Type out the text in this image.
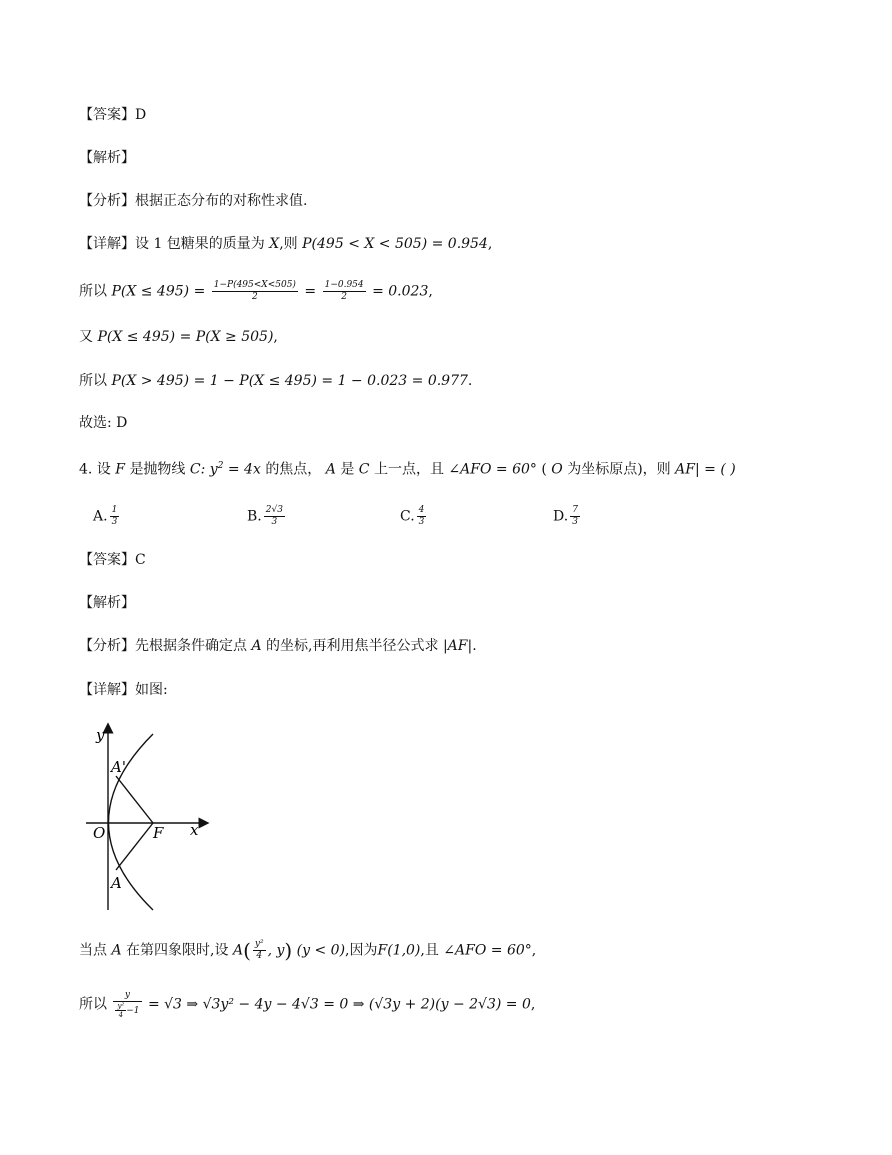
【答案】D
【解析】
【分析】根据正态分布的对称性求值.
【详解】设 1 包糖果的质量为 X,则 P(495 < X < 505) = 0.954,
所以 $P(X \le 495) = \frac{1-P(495<X<505)}{2} = \frac{1-0.954}{2} = 0.023$,
又 P(X ≤ 495) = P(X ≥ 505),
所以 P(X > 495) = 1 − P(X ≤ 495) = 1 − 0.023 = 0.977.
故选: D
4. 设 F 是抛物线 C: $y^2 = 4x$ 的焦点， A 是 C 上一点，且 ∠AFO = 60° ( O 为坐标原点)，则 AF| = ( )
A. $\frac{1}{3}$	B. $\frac{2√3}{3}$	C. $\frac{4}{3}$	D. $\frac{7}{3}$
【答案】C
【解析】
【分析】先根据条件确定点 A 的坐标,再利用焦半径公式求 |AF|.
【详解】如图:
y
x
O	F
A'
A
当点 A 在第四象限时,设 $A( \frac{\text{y²}}{4}$ , y) (y < 0),因为F(1,0),且 ∠AFO = 60°,
所以 $\frac{y}{\frac{\text{y²}}{4} -1} = √3$ ⇒ √3y² − 4y − 4√3 = 0 ⇒ (√3y + 2)(y − 2√3) = 0,
